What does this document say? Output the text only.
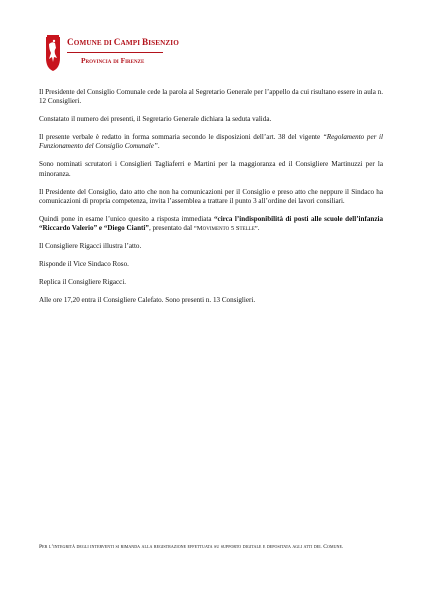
COMUNE DI CAMPI BISENZIO
Provincia di Firenze

Il Presidente del Consiglio Comunale cede la parola al Segretario Generale per l’appello da cui risultano essere in aula n. 12 Consiglieri.

Constatato il numero dei presenti, il Segretario Generale dichiara la seduta valida.

Il presente verbale è redatto in forma sommaria secondo le disposizioni dell’art. 38 del vigente “Regolamento per il Funzionamento del Consiglio Comunale”.

Sono nominati scrutatori i Consiglieri Tagliaferri e Martini per la maggioranza ed il Consigliere Martinuzzi per la minoranza.

Il Presidente del Consiglio, dato atto che non ha comunicazioni per il Consiglio e preso atto che neppure il Sindaco ha comunicazioni di propria competenza, invita l’assemblea a trattare il punto 3 all’ordine dei lavori consiliari.

Quindi pone in esame l’unico quesito a risposta immediata “circa l’indisponibilità di posti alle scuole dell’infanzia “Riccardo Valerio” e “Diego Cianti”, presentato dal “Movimento 5 Stelle”.

Il Consigliere Rigacci illustra l’atto.

Risponde il Vice Sindaco Roso.

Replica il Consigliere Rigacci.

Alle ore 17,20 entra il Consigliere Calefato. Sono presenti n. 13 Consiglieri.

Per l’integrità degli interventi si rimanda alla registrazione effettuata su supporto digitale e depositata agli atti del Comune.
